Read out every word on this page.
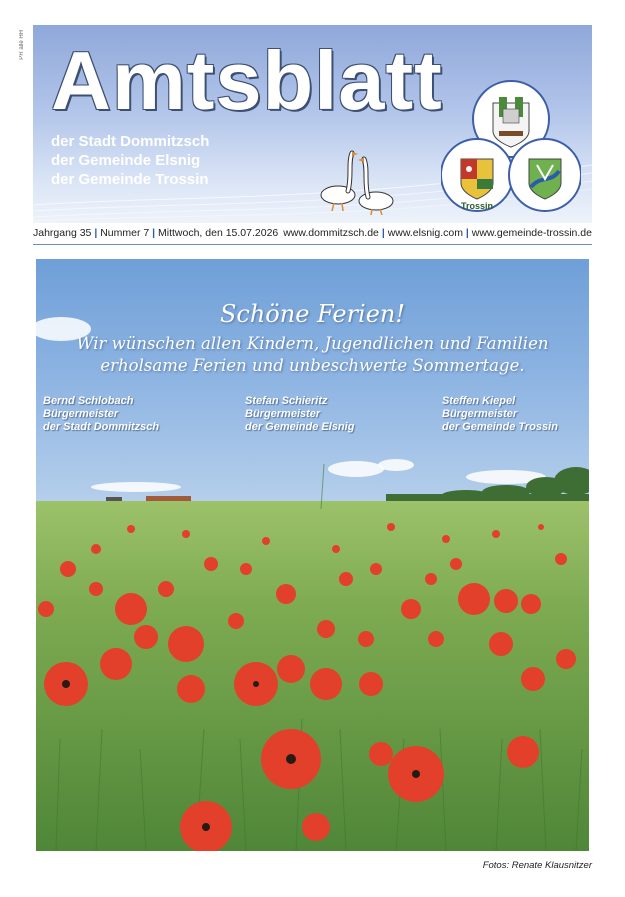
PR alle HH Amtsblatt
der Stadt Dommitzsch
der Gemeinde Elsnig
der Gemeinde Trossin
Trossin
Jahrgang 35 | Nummer 7 | Mittwoch, den 15.07.2026 www.dommitzsch.de | www.elsnig.com | www.gemeinde-trossin.de
Schöne Ferien!
Wir wünschen allen Kindern, Jugendlichen und Familien
erholsame Ferien und unbeschwerte Sommertage.
Bernd Schlobach
Bürgermeister
der Stadt Dommitzsch
Stefan Schieritz
Bürgermeister
der Gemeinde Elsnig
Steffen Kiepel
Bürgermeister
der Gemeinde Trossin
Fotos: Renate Klausnitzer
